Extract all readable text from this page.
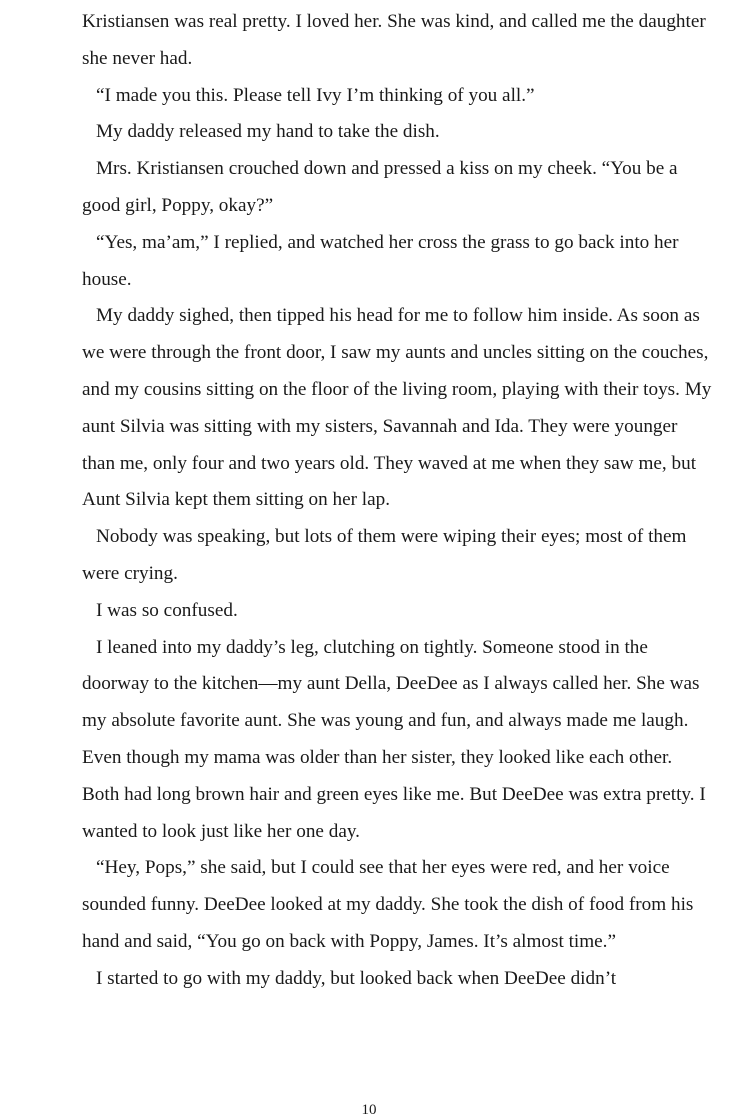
Kristiansen was real pretty. I loved her. She was kind, and called me the daughter she never had.

“I made you this. Please tell Ivy I’m thinking of you all.”

My daddy released my hand to take the dish.

Mrs. Kristiansen crouched down and pressed a kiss on my cheek. “You be a good girl, Poppy, okay?”

“Yes, ma’am,” I replied, and watched her cross the grass to go back into her house.

My daddy sighed, then tipped his head for me to follow him inside. As soon as we were through the front door, I saw my aunts and uncles sitting on the couches, and my cousins sitting on the floor of the living room, playing with their toys. My aunt Silvia was sitting with my sisters, Savannah and Ida. They were younger than me, only four and two years old. They waved at me when they saw me, but Aunt Silvia kept them sitting on her lap.

Nobody was speaking, but lots of them were wiping their eyes; most of them were crying.

I was so confused.

I leaned into my daddy’s leg, clutching on tightly. Someone stood in the doorway to the kitchen—my aunt Della, DeeDee as I always called her. She was my absolute favorite aunt. She was young and fun, and always made me laugh. Even though my mama was older than her sister, they looked like each other. Both had long brown hair and green eyes like me. But DeeDee was extra pretty. I wanted to look just like her one day.

“Hey, Pops,” she said, but I could see that her eyes were red, and her voice sounded funny. DeeDee looked at my daddy. She took the dish of food from his hand and said, “You go on back with Poppy, James. It’s almost time.”

I started to go with my daddy, but looked back when DeeDee didn’t

10
